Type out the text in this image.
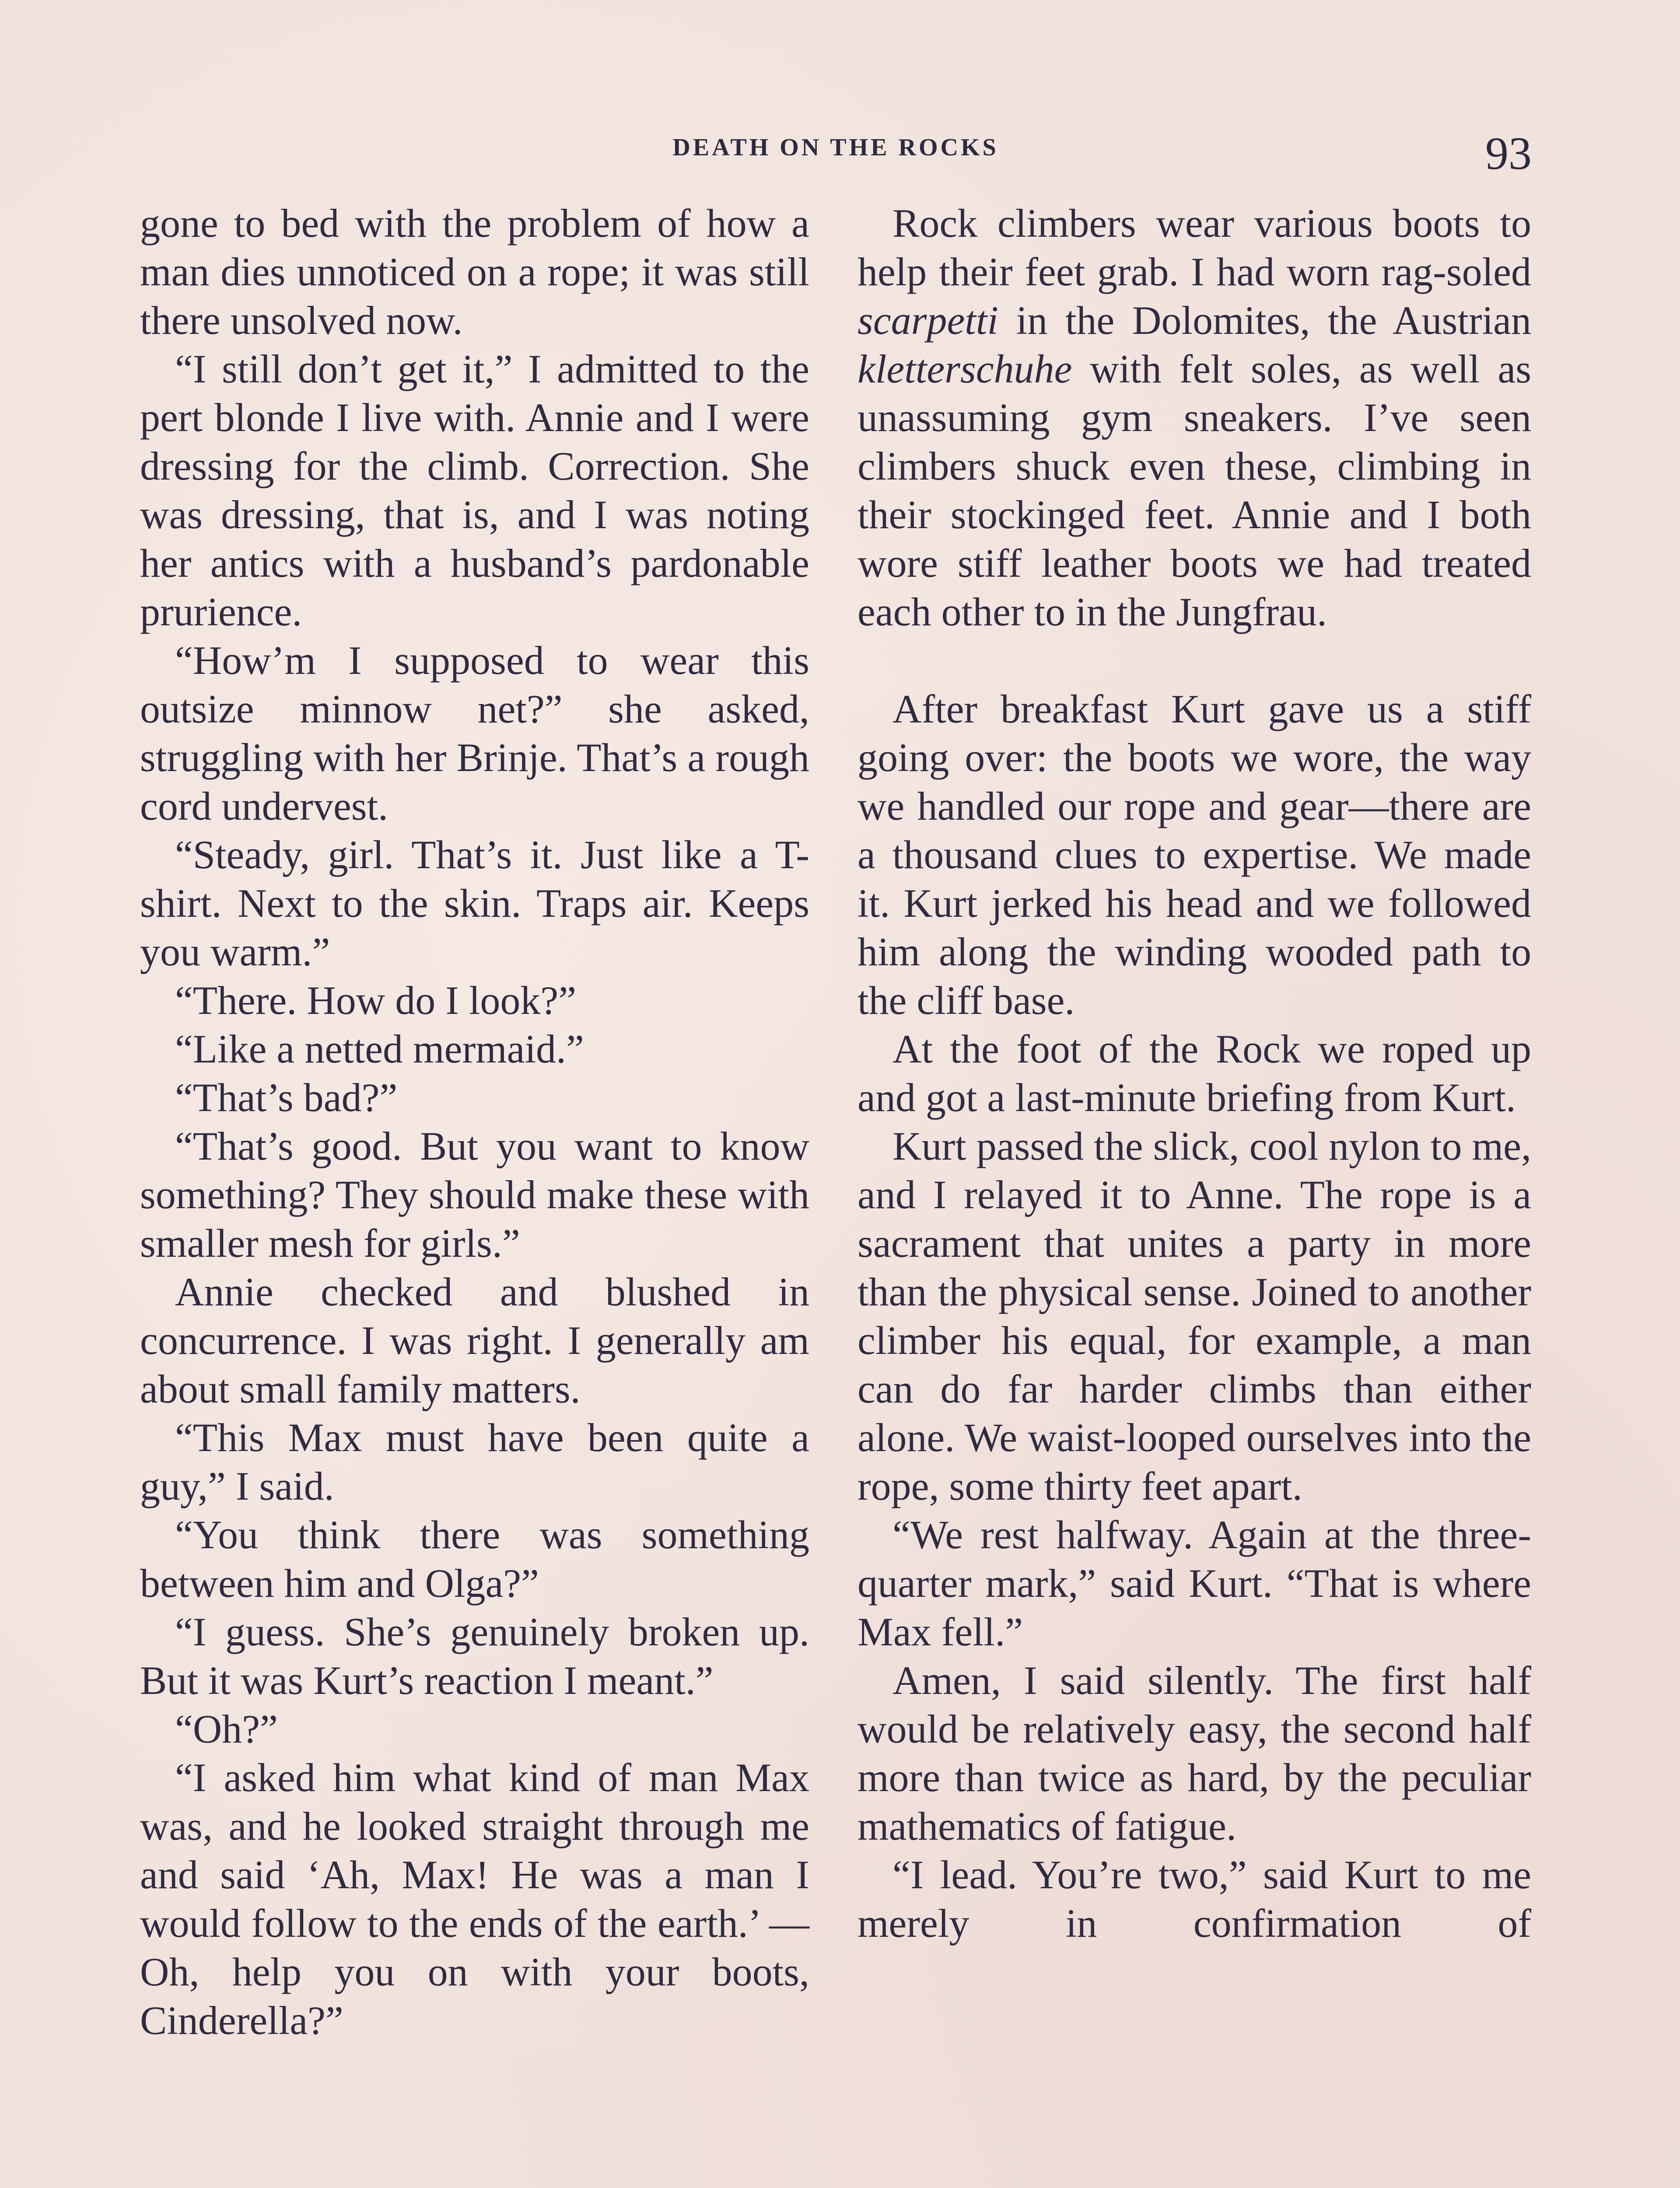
DEATH ON THE ROCKS	93

gone to bed with the problem of how a man dies unnoticed on a rope; it was still there unsolved now.

“I still don’t get it,” I admitted to the pert blonde I live with. Annie and I were dressing for the climb. Correction. She was dressing, that is, and I was noting her antics with a husband’s pardonable prurience.

“How’m I supposed to wear this outsize minnow net?” she asked, struggling with her Brinje. That’s a rough cord undervest.

“Steady, girl. That’s it. Just like a T-shirt. Next to the skin. Traps air. Keeps you warm.”

“There. How do I look?”

“Like a netted mermaid.”

“That’s bad?”

“That’s good. But you want to know something? They should make these with smaller mesh for girls.”

Annie checked and blushed in concurrence. I was right. I generally am about small family matters.

“This Max must have been quite a guy,” I said.

“You think there was something between him and Olga?”

“I guess. She’s genuinely broken up. But it was Kurt’s reaction I meant.”

“Oh?”

“I asked him what kind of man Max was, and he looked straight through me and said ‘Ah, Max! He was a man I would follow to the ends of the earth.’ —Oh, help you on with your boots, Cinderella?”

Rock climbers wear various boots to help their feet grab. I had worn rag-soled scarpetti in the Dolomites, the Austrian kletterschuhe with felt soles, as well as unassuming gym sneakers. I’ve seen climbers shuck even these, climbing in their stockinged feet. Annie and I both wore stiff leather boots we had treated each other to in the Jungfrau.

After breakfast Kurt gave us a stiff going over: the boots we wore, the way we handled our rope and gear—there are a thousand clues to expertise. We made it. Kurt jerked his head and we followed him along the winding wooded path to the cliff base.

At the foot of the Rock we roped up and got a last-minute briefing from Kurt.

Kurt passed the slick, cool nylon to me, and I relayed it to Anne. The rope is a sacrament that unites a party in more than the physical sense. Joined to another climber his equal, for example, a man can do far harder climbs than either alone. We waist-looped ourselves into the rope, some thirty feet apart.

“We rest halfway. Again at the three-quarter mark,” said Kurt. “That is where Max fell.”

Amen, I said silently. The first half would be relatively easy, the second half more than twice as hard, by the peculiar mathematics of fatigue.

“I lead. You’re two,” said Kurt to me merely in confirmation of
